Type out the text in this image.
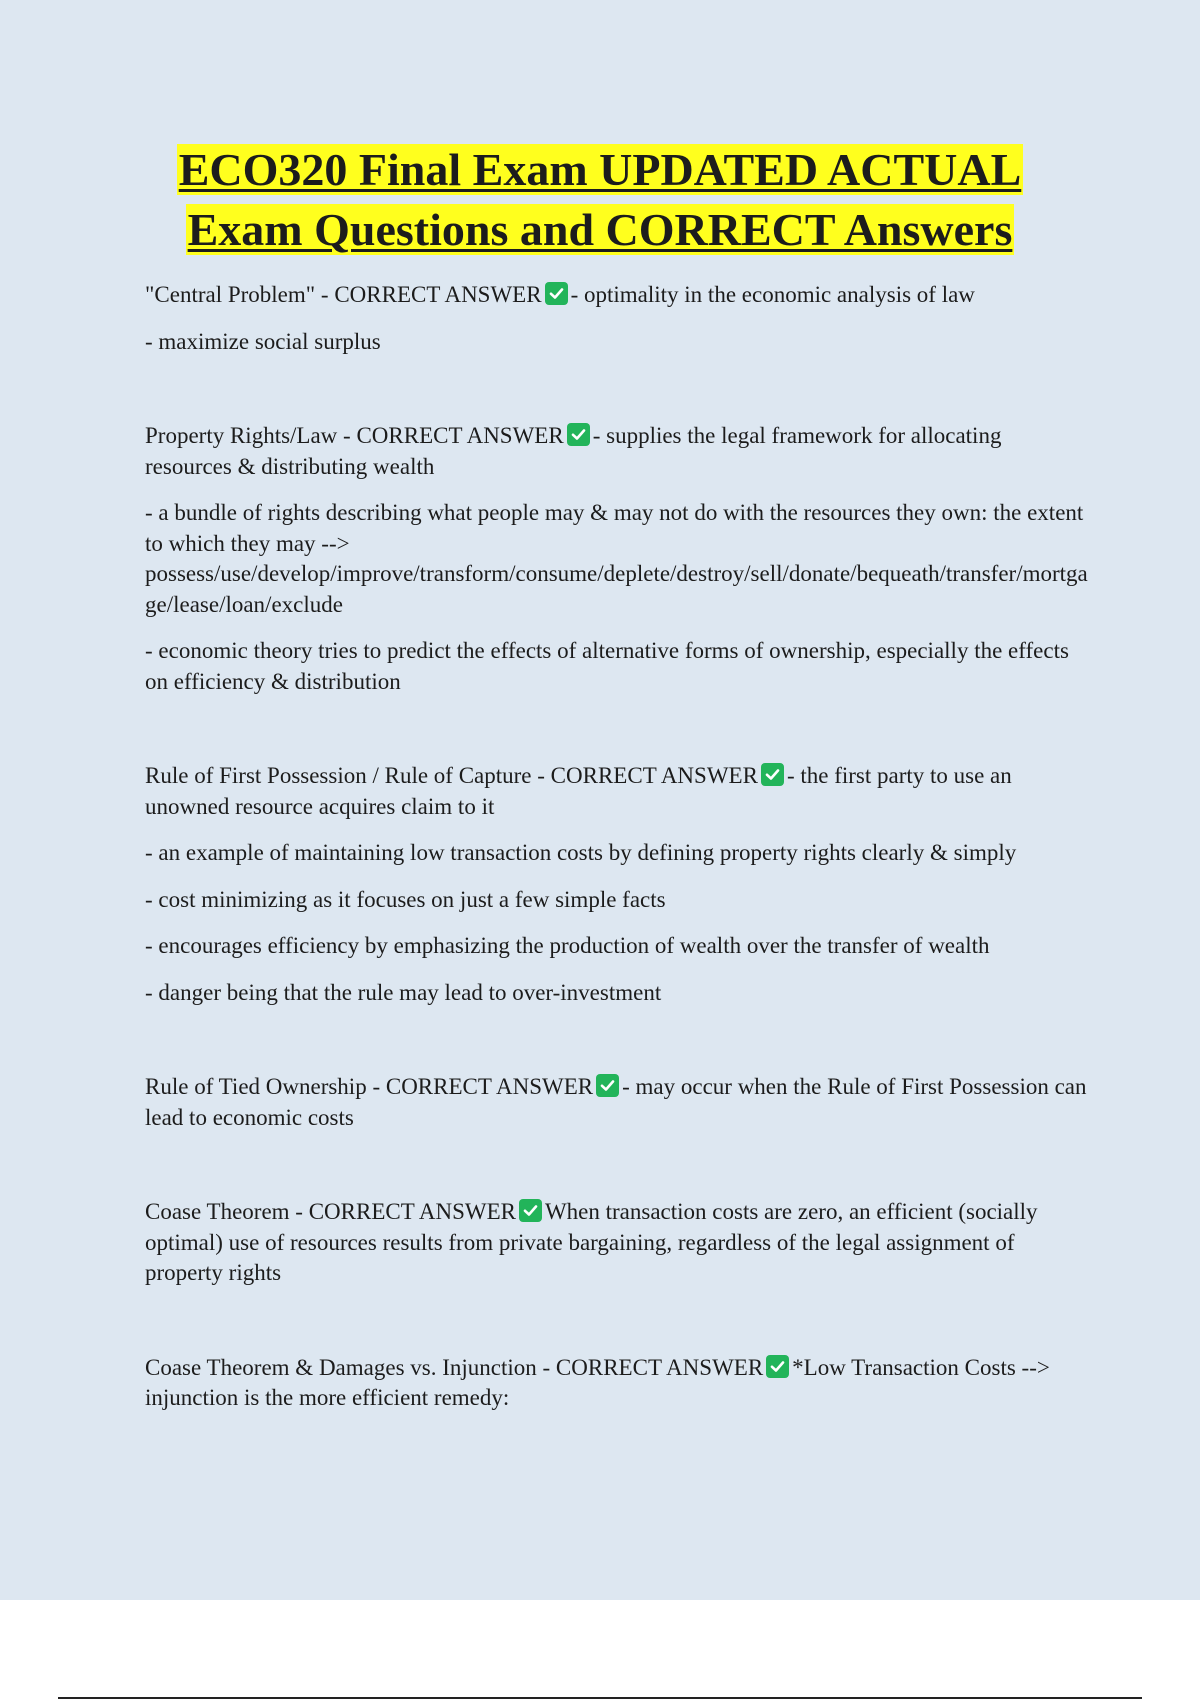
ECO320 Final Exam UPDATED ACTUAL
Exam Questions and CORRECT Answers

"Central Problem" - CORRECT ANSWER - optimality in the economic analysis of law

- maximize social surplus

Property Rights/Law - CORRECT ANSWER - supplies the legal framework for allocating resources & distributing wealth

- a bundle of rights describing what people may & may not do with the resources they own: the extent to which they may -->
possess/use/develop/improve/transform/consume/deplete/destroy/sell/donate/bequeath/transfer/mortgage/lease/loan/exclude

- economic theory tries to predict the effects of alternative forms of ownership, especially the effects on efficiency & distribution

Rule of First Possession / Rule of Capture - CORRECT ANSWER - the first party to use an unowned resource acquires claim to it

- an example of maintaining low transaction costs by defining property rights clearly & simply

- cost minimizing as it focuses on just a few simple facts

- encourages efficiency by emphasizing the production of wealth over the transfer of wealth

- danger being that the rule may lead to over-investment

Rule of Tied Ownership - CORRECT ANSWER - may occur when the Rule of First Possession can lead to economic costs

Coase Theorem - CORRECT ANSWER When transaction costs are zero, an efficient (socially optimal) use of resources results from private bargaining, regardless of the legal assignment of property rights

Coase Theorem & Damages vs. Injunction - CORRECT ANSWER *Low Transaction Costs --> injunction is the more efficient remedy:
